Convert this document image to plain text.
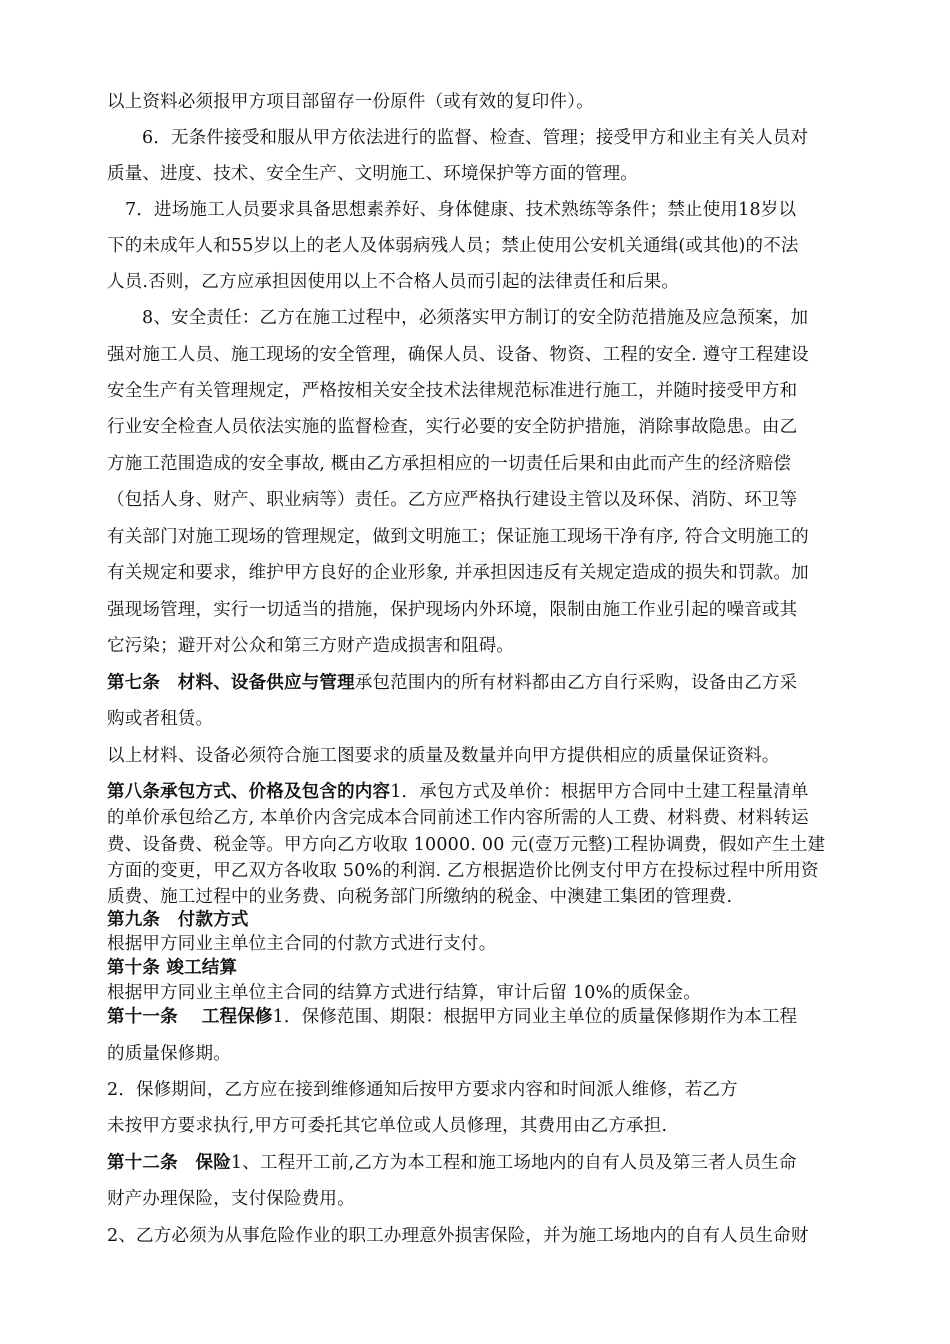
以上资料必须报甲方项目部留存一份原件（或有效的复印件）。
6．无条件接受和服从甲方依法进行的监督、检查、管理；接受甲方和业主有关人员对
质量、进度、技术、安全生产、文明施工、环境保护等方面的管理。
7．进场施工人员要求具备思想素养好、身体健康、技术熟练等条件；禁止使用18岁以
下的未成年人和55岁以上的老人及体弱病残人员；禁止使用公安机关通缉(或其他)的不法
人员.否则，乙方应承担因使用以上不合格人员而引起的法律责任和后果。
8、安全责任：乙方在施工过程中，必须落实甲方制订的安全防范措施及应急预案，加
强对施工人员、施工现场的安全管理，确保人员、设备、物资、工程的安全. 遵守工程建设
安全生产有关管理规定，严格按相关安全技术法律规范标准进行施工，并随时接受甲方和
行业安全检查人员依法实施的监督检查，实行必要的安全防护措施，消除事故隐患。由乙
方施工范围造成的安全事故, 概由乙方承担相应的一切责任后果和由此而产生的经济赔偿
（包括人身、财产、职业病等）责任。乙方应严格执行建设主管以及环保、消防、环卫等
有关部门对施工现场的管理规定，做到文明施工；保证施工现场干净有序, 符合文明施工的
有关规定和要求，维护甲方良好的企业形象, 并承担因违反有关规定造成的损失和罚款。加
强现场管理，实行一切适当的措施，保护现场内外环境，限制由施工作业引起的噪音或其
它污染；避开对公众和第三方财产造成损害和阻碍。
第七条　材料、设备供应与管理承包范围内的所有材料都由乙方自行采购，设备由乙方采
购或者租赁。
以上材料、设备必须符合施工图要求的质量及数量并向甲方提供相应的质量保证资料。
第八条承包方式、价格及包含的内容1．承包方式及单价：根据甲方合同中土建工程量清单
的单价承包给乙方, 本单价内含完成本合同前述工作内容所需的人工费、材料费、材料转运
费、设备费、税金等。甲方向乙方收取 10000. 00 元(壹万元整)工程协调费，假如产生土建
方面的变更，甲乙双方各收取 50%的利润. 乙方根据造价比例支付甲方在投标过程中所用资
质费、施工过程中的业务费、向税务部门所缴纳的税金、中澳建工集团的管理费.
第九条　付款方式
根据甲方同业主单位主合同的付款方式进行支付。
第十条 竣工结算
根据甲方同业主单位主合同的结算方式进行结算，审计后留 10%的质保金。
第十一条　 工程保修1．保修范围、期限：根据甲方同业主单位的质量保修期作为本工程
的质量保修期。
2．保修期间，乙方应在接到维修通知后按甲方要求内容和时间派人维修，若乙方
未按甲方要求执行,甲方可委托其它单位或人员修理，其费用由乙方承担.
第十二条　保险1、工程开工前,乙方为本工程和施工场地内的自有人员及第三者人员生命
财产办理保险，支付保险费用。
2、乙方必须为从事危险作业的职工办理意外损害保险，并为施工场地内的自有人员生命财
